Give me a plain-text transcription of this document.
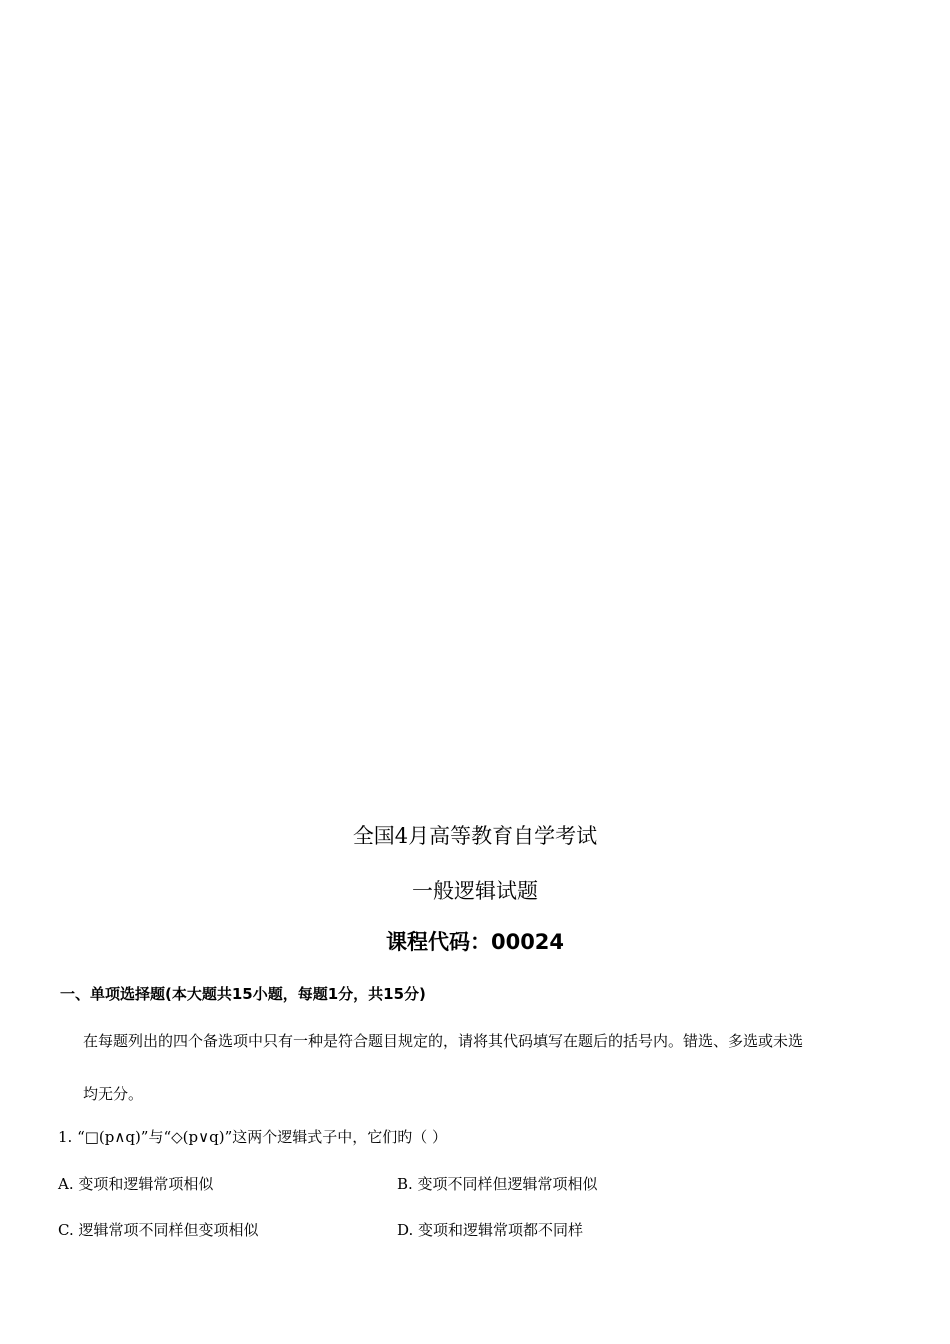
全国4月高等教育自学考试
一般逻辑试题
课程代码：00024
一、单项选择题(本大题共15小题，每题1分，共15分)
在每题列出的四个备选项中只有一种是符合题目规定的，请将其代码填写在题后的括号内。错选、多选或未选
均无分。
1. “□(p∧q)”与“◇(p∨q)”这两个逻辑式子中，它们旳（ ）
A. 变项和逻辑常项相似	B. 变项不同样但逻辑常项相似
C. 逻辑常项不同样但变项相似	D. 变项和逻辑常项都不同样
